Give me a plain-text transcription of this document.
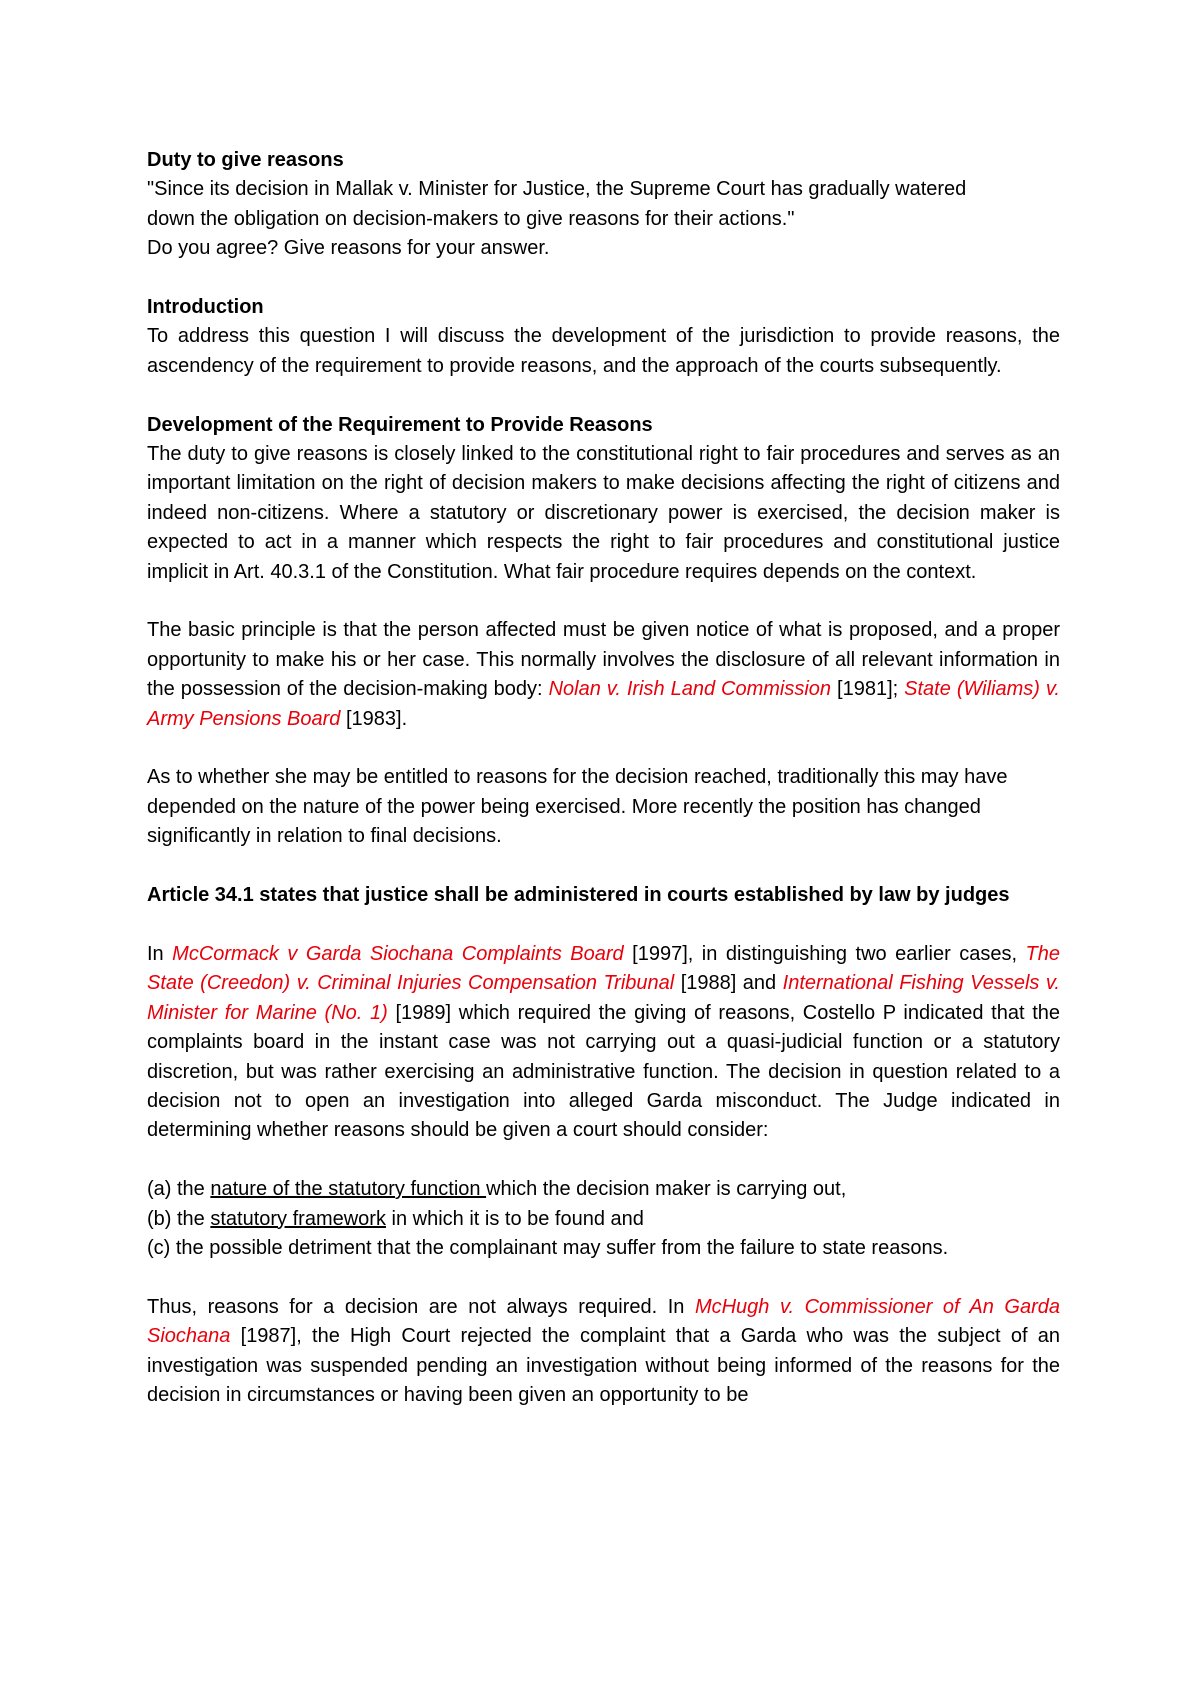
Duty to give reasons
"Since its decision in Mallak v. Minister for Justice, the Supreme Court has gradually watered
down the obligation on decision-makers to give reasons for their actions."
Do you agree? Give reasons for your answer.
Introduction
To address this question I will discuss the development of the jurisdiction to provide reasons, the ascendency of the requirement to provide reasons, and the approach of the courts subsequently.
Development of the Requirement to Provide Reasons
The duty to give reasons is closely linked to the constitutional right to fair procedures and serves as an important limitation on the right of decision makers to make decisions affecting the right of citizens and indeed non-citizens. Where a statutory or discretionary power is exercised, the decision maker is expected to act in a manner which respects the right to fair procedures and constitutional justice implicit in Art. 40.3.1 of the Constitution. What fair procedure requires depends on the context.
The basic principle is that the person affected must be given notice of what is proposed, and a proper opportunity to make his or her case. This normally involves the disclosure of all relevant information in the possession of the decision-making body: Nolan v. Irish Land Commission [1981]; State (Wiliams) v. Army Pensions Board [1983].
As to whether she may be entitled to reasons for the decision reached, traditionally this may have depended on the nature of the power being exercised. More recently the position has changed significantly in relation to final decisions.
Article 34.1 states that justice shall be administered in courts established by law by judges
In McCormack v Garda Siochana Complaints Board [1997], in distinguishing two earlier cases, The State (Creedon) v. Criminal Injuries Compensation Tribunal [1988] and International Fishing Vessels v. Minister for Marine (No. 1) [1989] which required the giving of reasons, Costello P indicated that the complaints board in the instant case was not carrying out a quasi-judicial function or a statutory discretion, but was rather exercising an administrative function. The decision in question related to a decision not to open an investigation into alleged Garda misconduct. The Judge indicated in determining whether reasons should be given a court should consider:
(a) the nature of the statutory function which the decision maker is carrying out,
(b) the statutory framework in which it is to be found and
(c) the possible detriment that the complainant may suffer from the failure to state reasons.
Thus, reasons for a decision are not always required. In McHugh v. Commissioner of An Garda Siochana [1987], the High Court rejected the complaint that a Garda who was the subject of an investigation was suspended pending an investigation without being informed of the reasons for the decision in circumstances or having been given an opportunity to be
